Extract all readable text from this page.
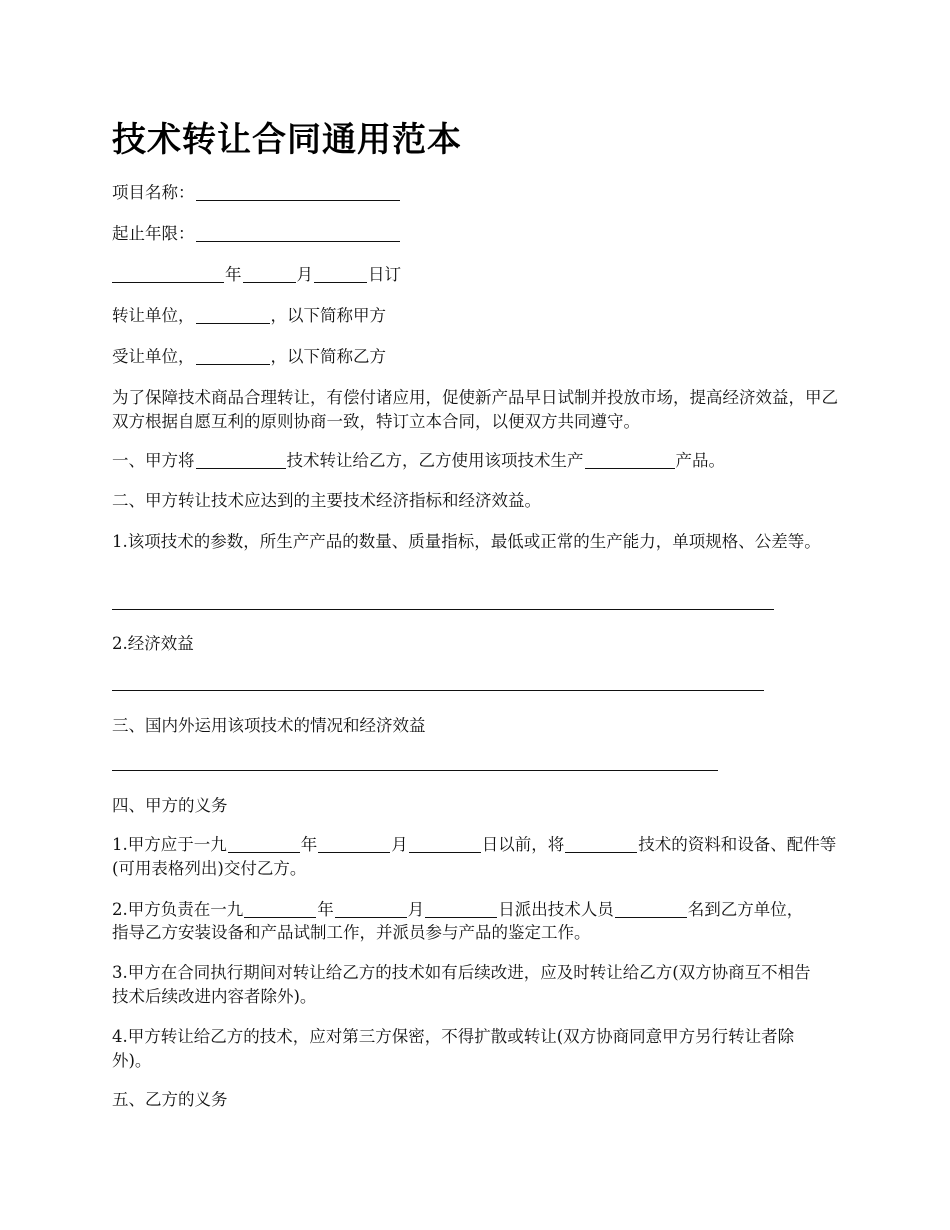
技术转让合同通用范本

项目名称：

起止年限：

年	月	日订

转让单位，	，以下简称甲方

受让单位，	，以下简称乙方

为了保障技术商品合理转让，有偿付诸应用，促使新产品早日试制并投放市场，提高经济效益，甲乙双方根据自愿互利的原则协商一致，特订立本合同，以便双方共同遵守。

一、甲方将	技术转让给乙方，乙方使用该项技术生产	产品。

二、甲方转让技术应达到的主要技术经济指标和经济效益。

1.该项技术的参数，所生产产品的数量、质量指标，最低或正常的生产能力，单项规格、公差等。

2.经济效益

三、国内外运用该项技术的情况和经济效益

四、甲方的义务

1.甲方应于一九	年	月	日以前，将	技术的资料和设备、配件等(可用表格列出)交付乙方。

2.甲方负责在一九	年	月	日派出技术人员	名到乙方单位，

指导乙方安装设备和产品试制工作，并派员参与产品的鉴定工作。

3.甲方在合同执行期间对转让给乙方的技术如有后续改进，应及时转让给乙方(双方协商互不相告技术后续改进内容者除外)。

4.甲方转让给乙方的技术，应对第三方保密，不得扩散或转让(双方协商同意甲方另行转让者除外)。

五、乙方的义务
